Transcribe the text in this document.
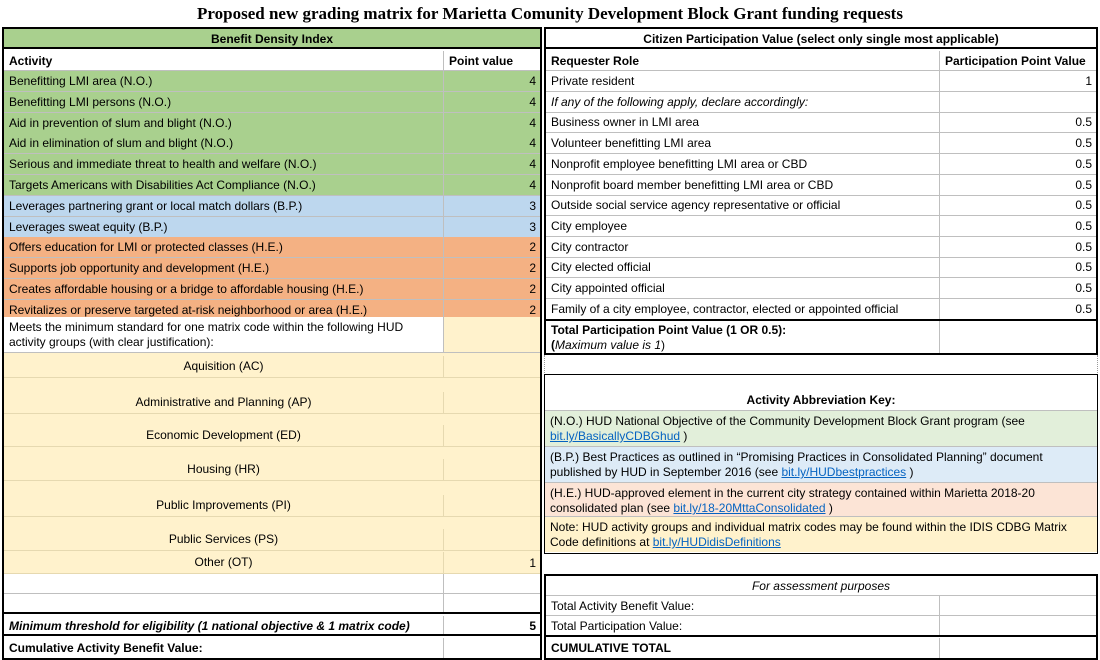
Proposed new grading matrix for Marietta Comunity Development Block Grant funding requests
Benefit Density Index
Activity	Point value
Benefitting LMI area (N.O.)	4
Benefitting LMI persons (N.O.)	4
Aid in prevention of slum and blight (N.O.)	4
Aid in elimination of slum and blight (N.O.)	4
Serious and immediate threat to health and welfare (N.O.)	4
Targets Americans with Disabilities Act Compliance (N.O.)	4
Leverages partnering grant or local match dollars (B.P.)	3
Leverages sweat equity (B.P.)	3
Offers education for LMI or protected classes (H.E.)	2
Supports job opportunity and development (H.E.)	2
Creates affordable housing or a bridge to affordable housing (H.E.)	2
Revitalizes or preserve targeted at-risk neighborhood or area (H.E.)	2
Meets the minimum standard for one matrix code within the following HUD activity groups (with clear justification):
Aquisition (AC)
Administrative and Planning (AP)
Economic Development (ED)
Housing (HR)
Public Improvements (PI)
Public Services (PS)
Other (OT)	1
Minimum threshold for eligibility (1 national objective & 1 matrix code)	5
Cumulative Activity Benefit Value:
Citizen Participation Value (select only single most applicable)
Requester Role	Participation Point Value
Private resident	1
If any of the following apply, declare accordingly:
Business owner in LMI area	0.5
Volunteer benefitting LMI area	0.5
Nonprofit employee benefitting LMI area or CBD	0.5
Nonprofit board member benefitting LMI area or CBD	0.5
Outside social service agency representative or official	0.5
City employee	0.5
City contractor	0.5
City elected official	0.5
City appointed official	0.5
Family of a city employee, contractor, elected or appointed official	0.5
Total Participation Point Value (1 OR 0.5):
(Maximum value is 1)
Activity Abbreviation Key:
(N.O.) HUD National Objective of the Community Development Block Grant program (see bit.ly/BasicallyCDBGhud )
(B.P.) Best Practices as outlined in “Promising Practices in Consolidated Planning” document published by HUD in September 2016 (see bit.ly/HUDbestpractices )
(H.E.) HUD-approved element in the current city strategy contained within Marietta 2018-20 consolidated plan (see bit.ly/18-20MttaConsolidated )
Note: HUD activity groups and individual matrix codes may be found within the IDIS CDBG Matrix Code definitions at bit.ly/HUDidisDefinitions
For assessment purposes
Total Activity Benefit Value:
Total Participation Value:
CUMULATIVE TOTAL
